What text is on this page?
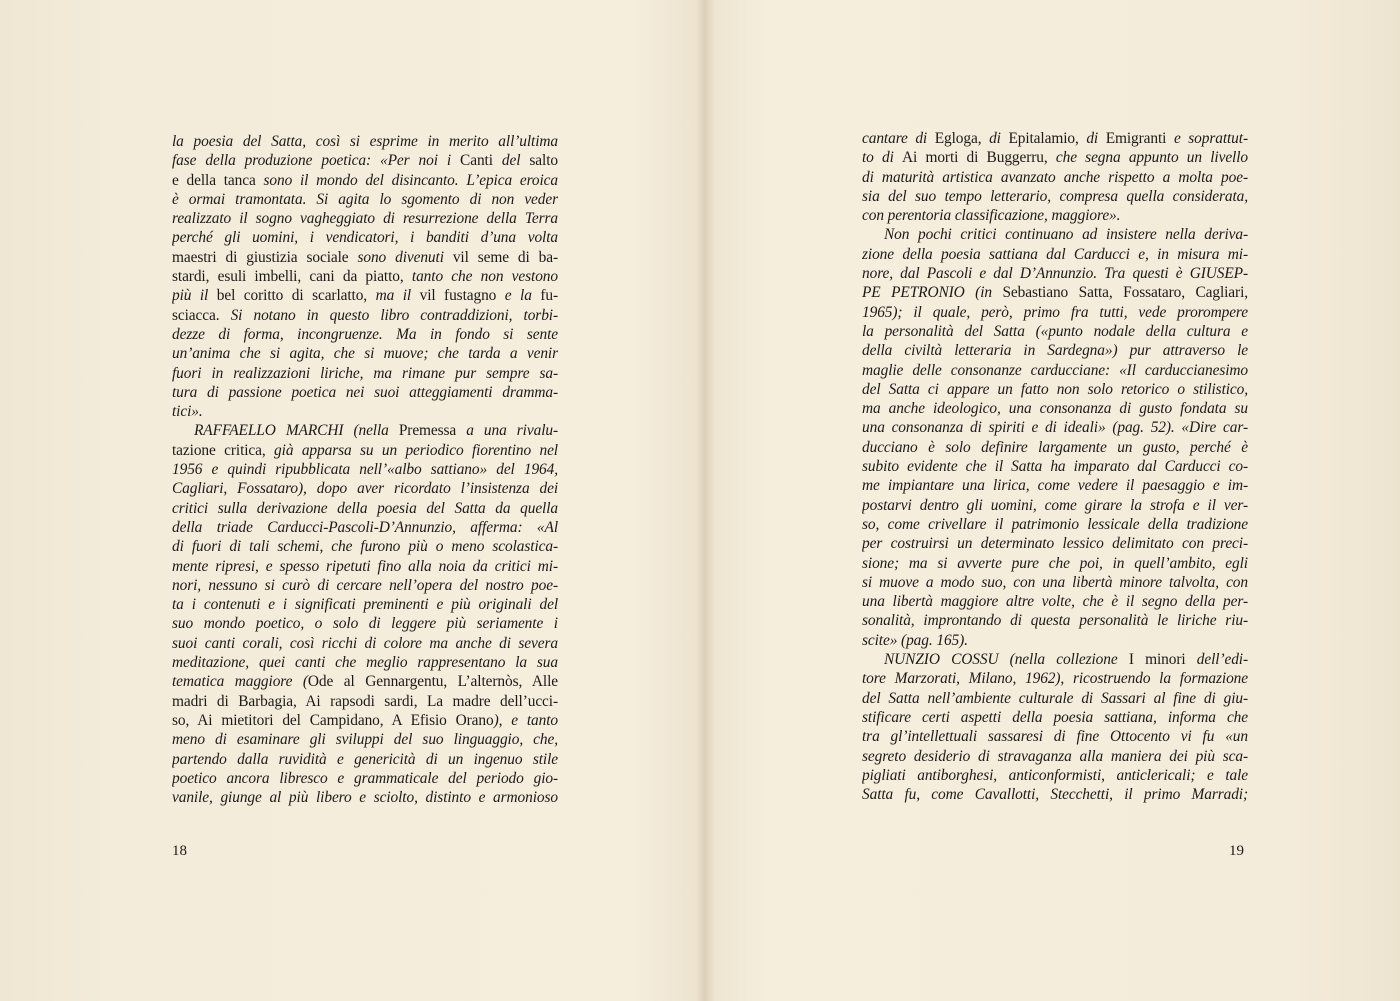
la poesia del Satta, così si esprime in merito all’ultima
fase della produzione poetica: «Per noi i Canti del salto
e della tanca sono il mondo del disincanto. L’epica eroica
è ormai tramontata. Si agita lo sgomento di non veder
realizzato il sogno vagheggiato di resurrezione della Terra
perché gli uomini, i vendicatori, i banditi d’una volta
maestri di giustizia sociale sono divenuti vil seme di ba-
stardi, esuli imbelli, cani da piatto, tanto che non vestono
più il bel coritto di scarlatto, ma il vil fustagno e la fu-
sciacca. Si notano in questo libro contraddizioni, torbi-
dezze di forma, incongruenze. Ma in fondo si sente
un’anima che si agita, che si muove; che tarda a venir
fuori in realizzazioni liriche, ma rimane pur sempre sa-
tura di passione poetica nei suoi atteggiamenti dramma-
tici».
RAFFAELLO MARCHI (nella Premessa a una rivalu-
tazione critica, già apparsa su un periodico fiorentino nel
1956 e quindi ripubblicata nell’«albo sattiano» del 1964,
Cagliari, Fossataro), dopo aver ricordato l’insistenza dei
critici sulla derivazione della poesia del Satta da quella
della triade Carducci-Pascoli-D’Annunzio, afferma: «Al
di fuori di tali schemi, che furono più o meno scolastica-
mente ripresi, e spesso ripetuti fino alla noia da critici mi-
nori, nessuno si curò di cercare nell’opera del nostro poe-
ta i contenuti e i significati preminenti e più originali del
suo mondo poetico, o solo di leggere più seriamente i
suoi canti corali, così ricchi di colore ma anche di severa
meditazione, quei canti che meglio rappresentano la sua
tematica maggiore (Ode al Gennargentu, L’alternòs, Alle
madri di Barbagia, Ai rapsodi sardi, La madre dell’ucci-
so, Ai mietitori del Campidano, A Efisio Orano), e tanto
meno di esaminare gli sviluppi del suo linguaggio, che,
partendo dalla ruvidità e genericità di un ingenuo stile
poetico ancora libresco e grammaticale del periodo gio-
vanile, giunge al più libero e sciolto, distinto e armonioso
18
cantare di Egloga, di Epitalamio, di Emigranti e soprattut-
to di Ai morti di Buggerru, che segna appunto un livello
di maturità artistica avanzato anche rispetto a molta poe-
sia del suo tempo letterario, compresa quella considerata,
con perentoria classificazione, maggiore».
Non pochi critici continuano ad insistere nella deriva-
zione della poesia sattiana dal Carducci e, in misura mi-
nore, dal Pascoli e dal D’Annunzio. Tra questi è GIUSEP-
PE PETRONIO (in Sebastiano Satta, Fossataro, Cagliari,
1965); il quale, però, primo fra tutti, vede prorompere
la personalità del Satta («punto nodale della cultura e
della civiltà letteraria in Sardegna») pur attraverso le
maglie delle consonanze carducciane: «Il carduccianesimo
del Satta ci appare un fatto non solo retorico o stilistico,
ma anche ideologico, una consonanza di gusto fondata su
una consonanza di spiriti e di ideali» (pag. 52). «Dire car-
ducciano è solo definire largamente un gusto, perché è
subito evidente che il Satta ha imparato dal Carducci co-
me impiantare una lirica, come vedere il paesaggio e im-
postarvi dentro gli uomini, come girare la strofa e il ver-
so, come crivellare il patrimonio lessicale della tradizione
per costruirsi un determinato lessico delimitato con preci-
sione; ma si avverte pure che poi, in quell’ambito, egli
si muove a modo suo, con una libertà minore talvolta, con
una libertà maggiore altre volte, che è il segno della per-
sonalità, improntando di questa personalità le liriche riu-
scite» (pag. 165).
NUNZIO COSSU (nella collezione I minori dell’edi-
tore Marzorati, Milano, 1962), ricostruendo la formazione
del Satta nell’ambiente culturale di Sassari al fine di giu-
stificare certi aspetti della poesia sattiana, informa che
tra gl’intellettuali sassaresi di fine Ottocento vi fu «un
segreto desiderio di stravaganza alla maniera dei più sca-
pigliati antiborghesi, anticonformisti, anticlericali; e tale
Satta fu, come Cavallotti, Stecchetti, il primo Marradi;
19
